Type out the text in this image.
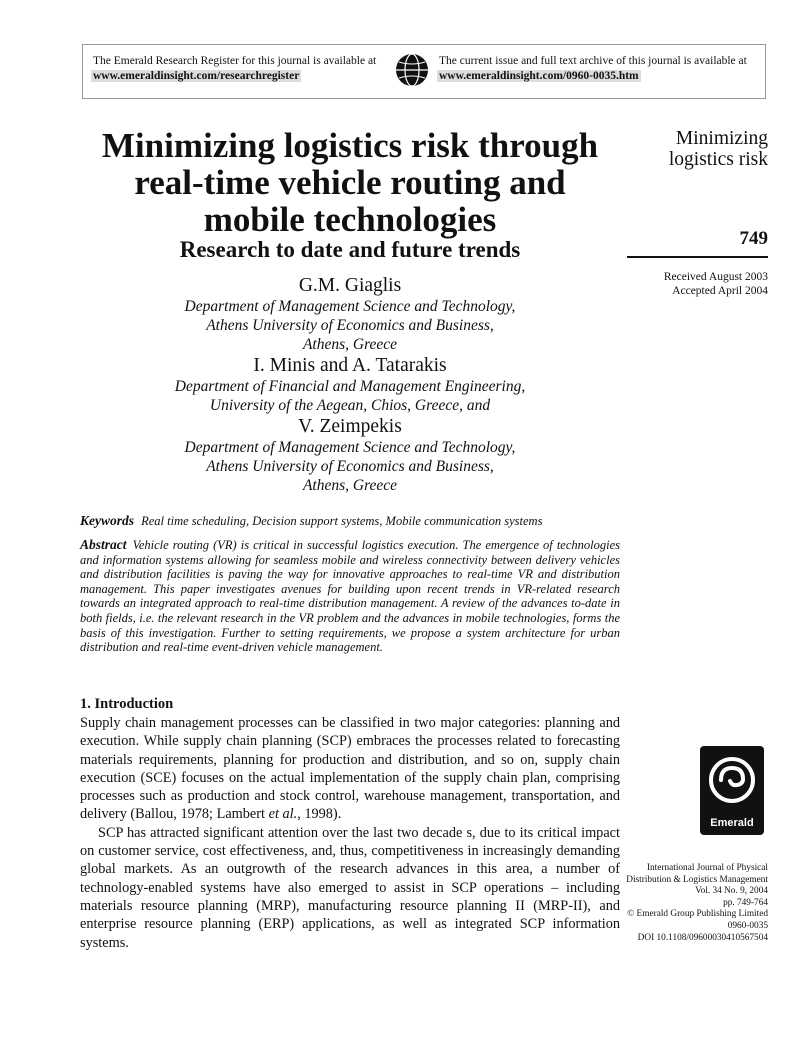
The Emerald Research Register for this journal is available at
www.emeraldinsight.com/researchregister
The current issue and full text archive of this journal is available at
www.emeraldinsight.com/0960-0035.htm
Minimizing logistics risk through
real-time vehicle routing and
mobile technologies
Research to date and future trends
G.M. Giaglis
Department of Management Science and Technology,
Athens University of Economics and Business,
Athens, Greece
I. Minis and A. Tatarakis
Department of Financial and Management Engineering,
University of the Aegean, Chios, Greece, and
V. Zeimpekis
Department of Management Science and Technology,
Athens University of Economics and Business,
Athens, Greece
Minimizing
logistics risk
749
Received August 2003
Accepted April 2004
Keywords Real time scheduling, Decision support systems, Mobile communication systems
Abstract Vehicle routing (VR) is critical in successful logistics execution. The emergence of technologies and information systems allowing for seamless mobile and wireless connectivity between delivery vehicles and distribution facilities is paving the way for innovative approaches to real-time VR and distribution management. This paper investigates avenues for building upon recent trends in VR-related research towards an integrated approach to real-time distribution management. A review of the advances to-date in both fields, i.e. the relevant research in the VR problem and the advances in mobile technologies, forms the basis of this investigation. Further to setting requirements, we propose a system architecture for urban distribution and real-time event-driven vehicle management.
1. Introduction

Supply chain management processes can be classified in two major categories: planning and execution. While supply chain planning (SCP) embraces the processes related to forecasting materials requirements, planning for production and distribution, and so on, supply chain execution (SCE) focuses on the actual implementation of the supply chain plan, comprising processes such as production and stock control, warehouse management, transportation, and delivery (Ballou, 1978; Lambert et al., 1998).

SCP has attracted significant attention over the last two decade s, due to its critical impact on customer service, cost effectiveness, and, thus, competitiveness in increasingly demanding global markets. As an outgrowth of the research advances in this area, a number of technology-enabled systems have also emerged to assist in SCP operations – including materials resource planning (MRP), manufacturing resource planning II (MRP-II), and enterprise resource planning (ERP) applications, as well as integrated SCP information systems.

Emerald
International Journal of Physical
Distribution & Logistics Management
Vol. 34 No. 9, 2004
pp. 749-764
© Emerald Group Publishing Limited
0960-0035
DOI 10.1108/09600030410567504
